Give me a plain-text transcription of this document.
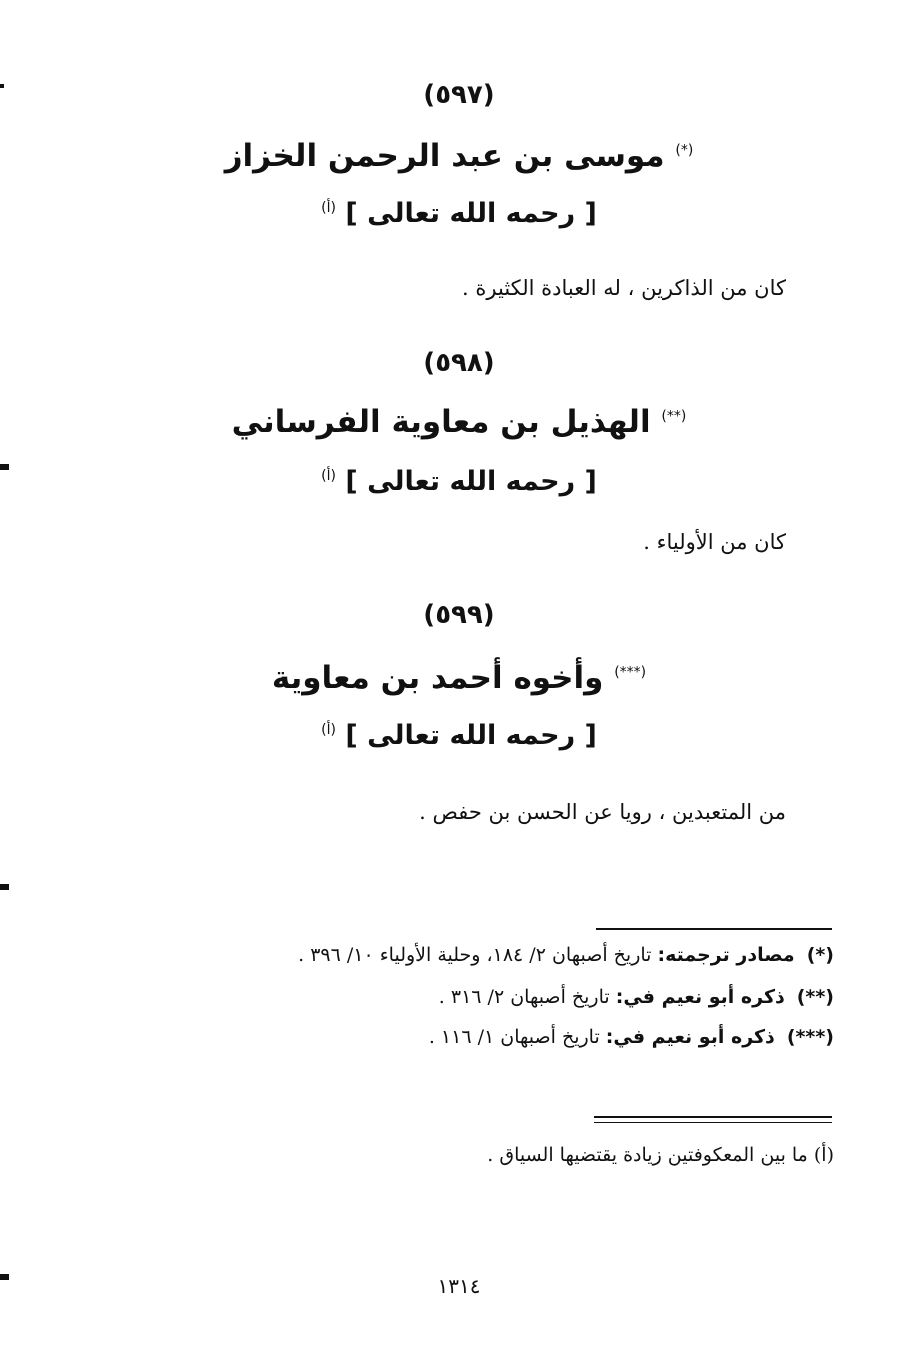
(٥٩٧)
(*) موسى بن عبد الرحمن الخزاز
[ رحمه الله تعالى ] $^{(أ)}$
كان من الذاكرين ، له العبادة الكثيرة .
(٥٩٨)
(**) الهذيل بن معاوية الفرساني
[ رحمه الله تعالى ] $^{(أ)}$
كان من الأولياء .
(٥٩٩)
(***) وأخوه أحمد بن معاوية
[ رحمه الله تعالى ] $^{(أ)}$
من المتعبدين ، رويا عن الحسن بن حفص .
(*)مصادر ترجمته: تاريخ أصبهان ٢/ ١٨٤، وحلية الأولياء ١٠/ ٣٩٦ .
(**)ذكره أبو نعيم في: تاريخ أصبهان ٢/ ٣١٦ .
(***)ذكره أبو نعيم في: تاريخ أصبهان ١/ ١١٦ .
(أ) ما بين المعكوفتين زيادة يقتضيها السياق .
١٣١٤
